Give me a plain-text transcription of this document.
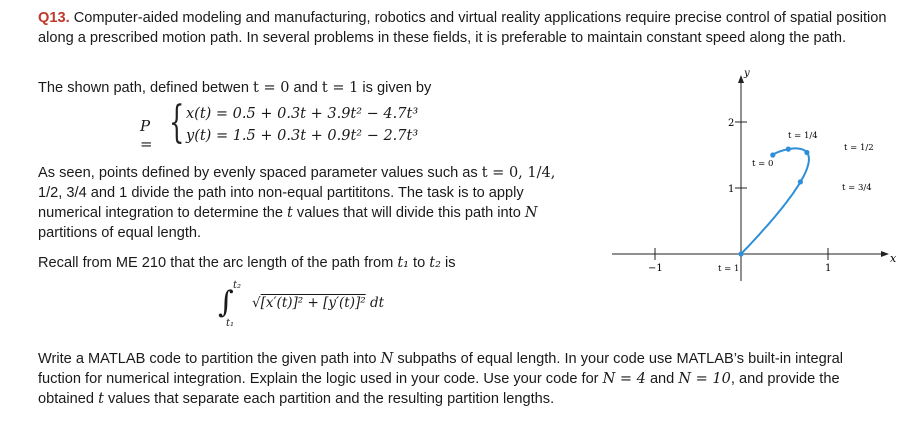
Q13. Computer-aided modeling and manufacturing, robotics and virtual reality applications require precise control of spatial position along a prescribed motion path. In several problems in these fields, it is preferable to maintain constant speed along the path.
The shown path, defined betwen t = 0 and t = 1 is given by
P = { x(t) = 0.5 + 0.3t + 3.9t² − 4.7t³
y(t) = 1.5 + 0.3t + 0.9t² − 2.7t³
As seen, points defined by evenly spaced parameter values such as t = 0, 1/4,
1/2, 3/4 and 1 divide the path into non-equal partititons. The task is to apply
numerical integration to determine the t values that will divide this path into N
partitions of equal length.
Recall from ME 210 that the arc length of the path from t₁ to t₂ is
∫ t₂
t₁
√[x′(t)]² + [y′(t)]² dt
Write a MATLAB code to partition the given path into N subpaths of equal length. In your code use MATLAB’s built-in integral
fuction for numerical integration. Explain the logic used in your code. Use your code for N = 4 and N = 10, and provide the
obtained t values that separate each partition and the resulting partition lengths.
x
y
−1	1
1
2
t = 0
t = 1/4
t = 1/2
t = 3/4
t = 1
